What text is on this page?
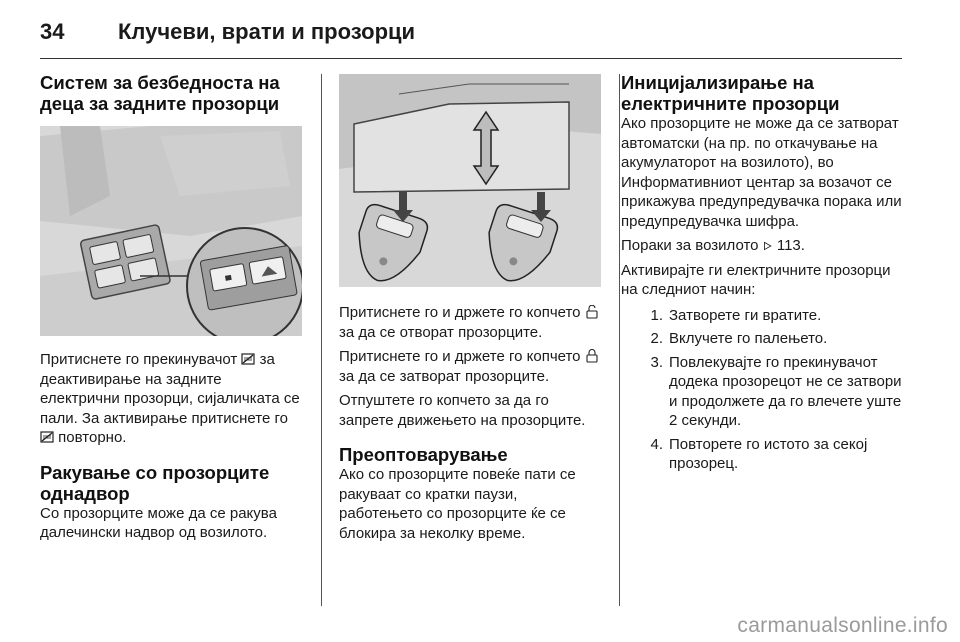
34	Клучеви, врати и прозорци
Систем за безбедноста на деца за задните прозорци

Притиснете го прекинувачот  за деактивирање на задните електрични прозорци, сијаличката се пали. За активирање притиснете го  повторно.

Ракување со прозорците однадвор

Со прозорците може да се ракува далечински надвор од возилото.

Притиснете го и држете го копчето  за да се отворат прозорците.

Притиснете го и држете го копчето  за да се затворат прозорците.

Отпуштете го копчето за да го запрете движењето на прозорците.

Преоптоварување

Ако со прозорците повеќе пати се ракуваат со кратки паузи, работењето со прозорците ќе се блокира за неколку време.

Иницијализирање на електричните прозорци

Ако прозорците не може да се затворат автоматски (на пр. по откачување на акумулаторот на возилото), во Информативниот центар за возачот се прикажува предупредувачка порака или предупредувачка шифра.

Пораки за возилото  113.

Активирајте ги електричните прозорци на следниот начин:

1. Затворете ги вратите.
2. Вклучете го палењето.
3. Повлекувајте го прекинувачот додека прозорецот не се затвори и продолжете да го влечете уште 2 секунди.
4. Повторете го истото за секој прозорец.
carmanualsonline.info
